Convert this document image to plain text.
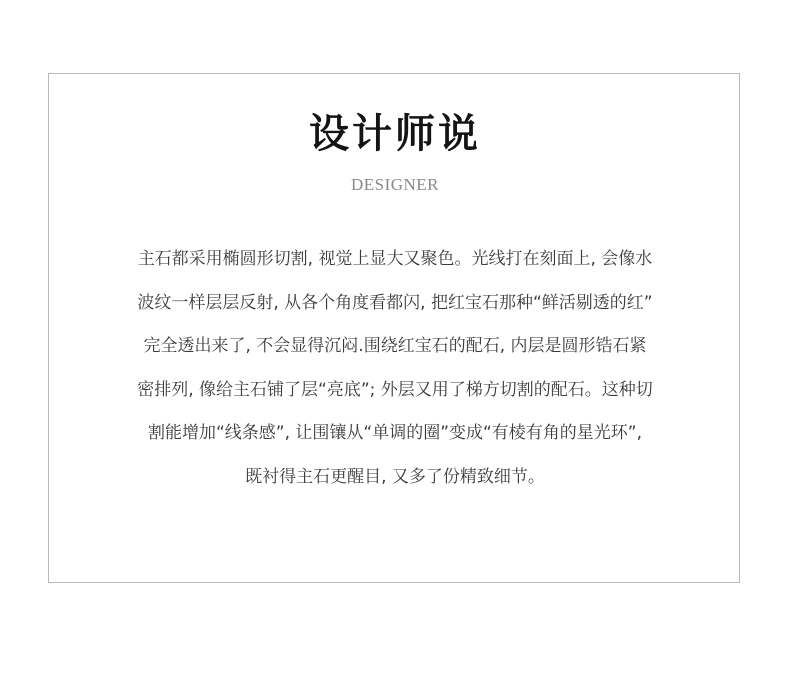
设计师说
DESIGNER
主石都采用椭圆形切割, 视觉上显大又聚色。光线打在刻面上, 会像水
波纹一样层层反射, 从各个角度看都闪, 把红宝石那种“鲜活剔透的红”
完全透出来了, 不会显得沉闷.围绕红宝石的配石, 内层是圆形锆石紧
密排列, 像给主石铺了层“亮底”; 外层又用了梯方切割的配石。这种切
割能增加“线条感”, 让围镶从“单调的圈”变成“有棱有角的星光环”,
既衬得主石更醒目, 又多了份精致细节。
